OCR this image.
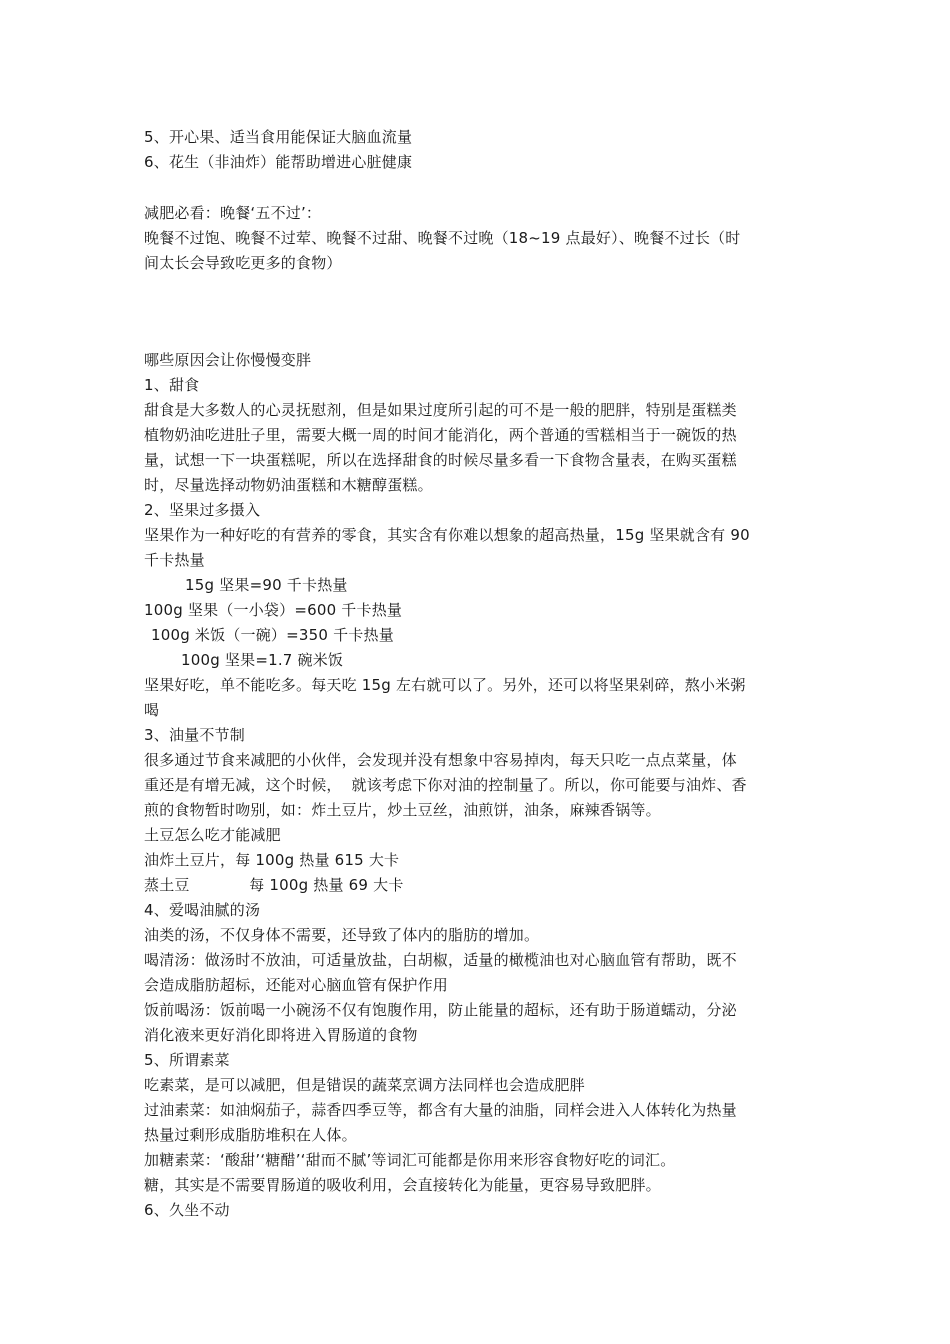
5、开心果、适当食用能保证大脑血流量
6、花生（非油炸）能帮助增进心脏健康
减肥必看：晚餐‘五不过’：
晚餐不过饱、晚餐不过荤、晚餐不过甜、晚餐不过晚（18~19 点最好）、晚餐不过长（时
间太长会导致吃更多的食物）
哪些原因会让你慢慢变胖
1、甜食
甜食是大多数人的心灵抚慰剂，但是如果过度所引起的可不是一般的肥胖，特别是蛋糕类
植物奶油吃进肚子里，需要大概一周的时间才能消化，两个普通的雪糕相当于一碗饭的热
量，试想一下一块蛋糕呢，所以在选择甜食的时候尽量多看一下食物含量表，在购买蛋糕
时，尽量选择动物奶油蛋糕和木糖醇蛋糕。
2、坚果过多摄入
坚果作为一种好吃的有营养的零食，其实含有你难以想象的超高热量，15g 坚果就含有 90
千卡热量
15g 坚果=90 千卡热量
100g 坚果（一小袋）=600 千卡热量
100g 米饭（一碗）=350 千卡热量
100g 坚果=1.7 碗米饭
坚果好吃，单不能吃多。每天吃 15g 左右就可以了。另外，还可以将坚果剁碎，熬小米粥
喝
3、油量不节制
很多通过节食来减肥的小伙伴，会发现并没有想象中容易掉肉，每天只吃一点点菜量，体
重还是有增无减，这个时候，  就该考虑下你对油的控制量了。所以，你可能要与油炸、香
煎的食物暂时吻别，如：炸土豆片，炒土豆丝，油煎饼，油条，麻辣香锅等。
土豆怎么吃才能减肥
油炸土豆片，每 100g 热量 615 大卡
蒸土豆            每 100g 热量 69 大卡
4、爱喝油腻的汤
油类的汤，不仅身体不需要，还导致了体内的脂肪的增加。
喝清汤：做汤时不放油，可适量放盐，白胡椒，适量的橄榄油也对心脑血管有帮助，既不
会造成脂肪超标，还能对心脑血管有保护作用
饭前喝汤：饭前喝一小碗汤不仅有饱腹作用，防止能量的超标，还有助于肠道蠕动，分泌
消化液来更好消化即将进入胃肠道的食物
5、所谓素菜
吃素菜，是可以减肥，但是错误的蔬菜烹调方法同样也会造成肥胖
过油素菜：如油焖茄子，蒜香四季豆等，都含有大量的油脂，同样会进入人体转化为热量
热量过剩形成脂肪堆积在人体。
加糖素菜：‘酸甜’‘糖醋’‘甜而不腻’等词汇可能都是你用来形容食物好吃的词汇。
糖，其实是不需要胃肠道的吸收利用，会直接转化为能量，更容易导致肥胖。
6、久坐不动
